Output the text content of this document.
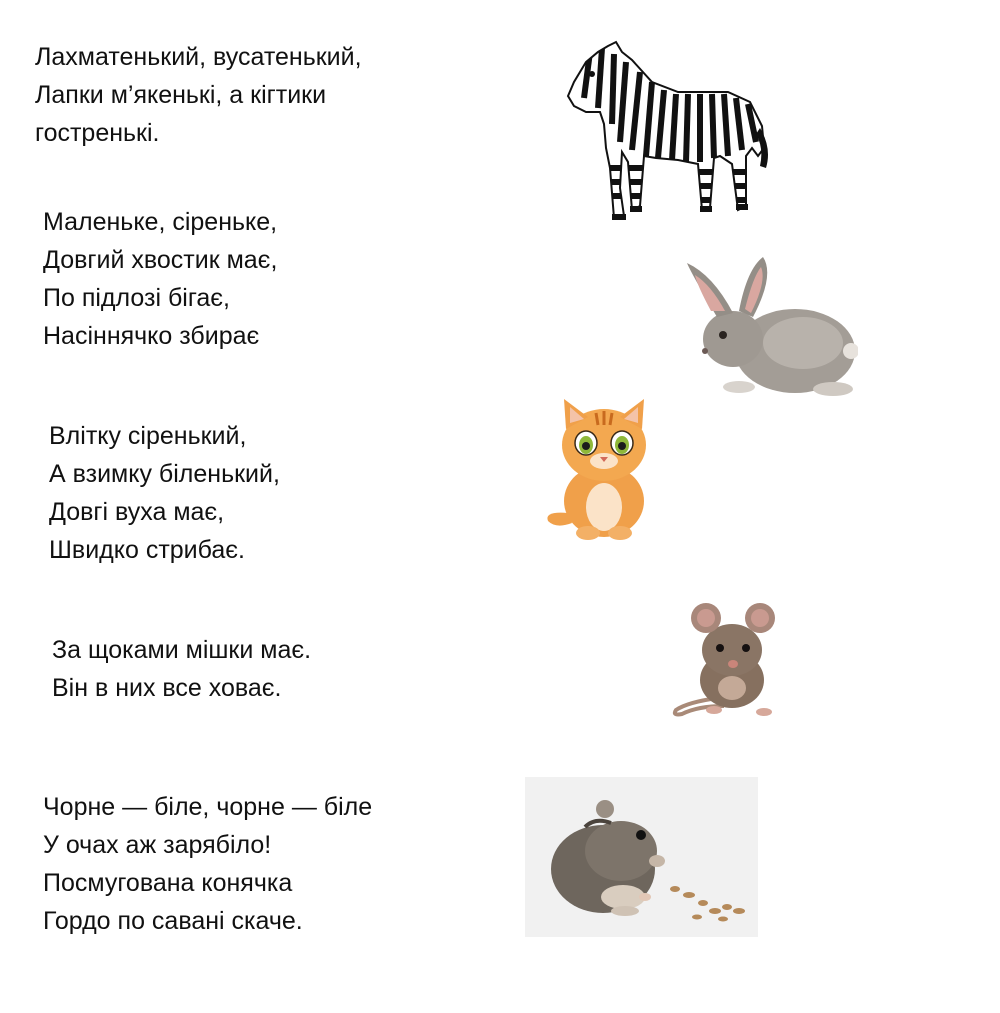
Лахматенький, вусатенький,
Лапки м’якенькі, а кігтики
гостренькі.
Маленьке, сіреньке,
Довгий хвостик має,
По підлозі бігає,
Насіннячко збирає
Влітку сіренький,
А взимку біленький,
Довгі вуха має,
Швидко стрибає.
За щоками мішки має.
Він в них все ховає.
Чорне — біле, чорне — біле
У очах аж зарябіло!
Посмугована конячка
Гордо по савані скаче.
